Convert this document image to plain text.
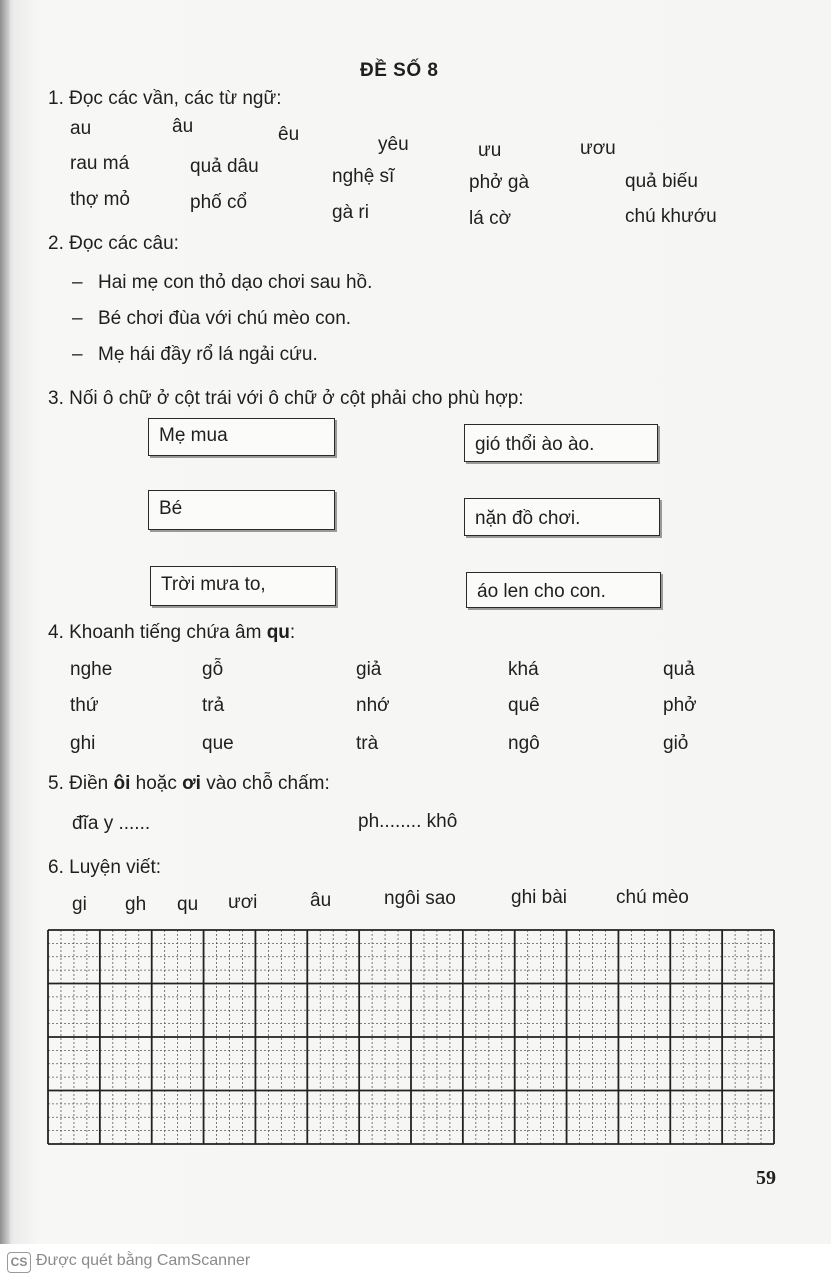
ĐỀ SỐ 8
1. Đọc các vần, các từ ngữ:
au	âu	êu	yêu	ưu	ươu
rau má	quả dâu	nghệ sĩ	phở gà	quả biếu
thợ mỏ	phố cổ	gà ri	lá cờ	chú khướu
2. Đọc các câu:
– Hai mẹ con thỏ dạo chơi sau hồ.
– Bé chơi đùa với chú mèo con.
– Mẹ hái đầy rổ lá ngải cứu.
3. Nối ô chữ ở cột trái với ô chữ ở cột phải cho phù hợp:
Mẹ mua
Bé
Trời mưa to,
gió thổi ào ào.
nặn đồ chơi.
áo len cho con.
4. Khoanh tiếng chứa âm qu:
nghe	gỗ	giả	khá	quả
thứ	trả	nhớ	quê	phở
ghi	que	trà	ngô	giỏ
5. Điền ôi hoặc ơi vào chỗ chấm:
đĩa y ......	ph........ khô
6. Luyện viết:
gi gh qu ươi	âu	ngôi sao	ghi bài	chú mèo
59
CS Được quét bằng CamScanner
